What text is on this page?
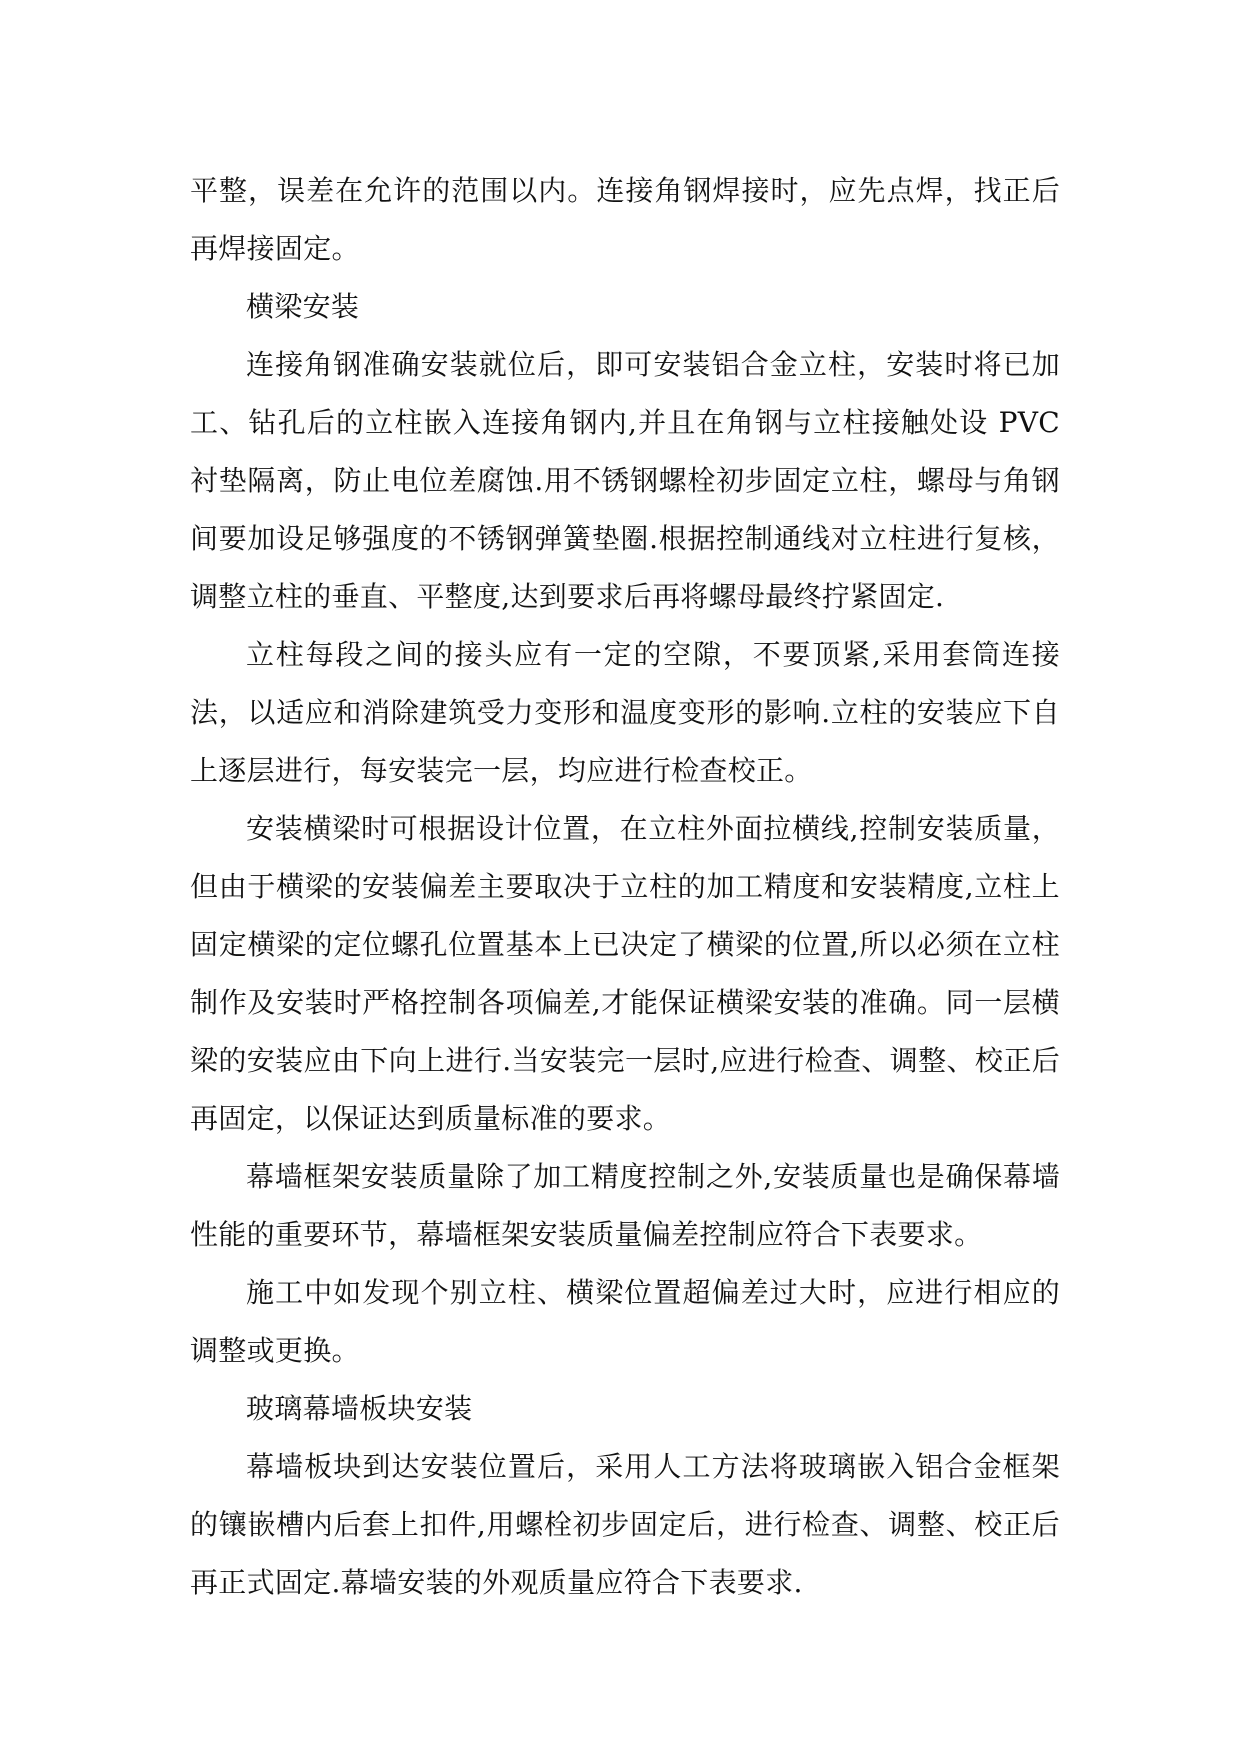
平整，误差在允许的范围以内。连接角钢焊接时，应先点焊，找正后再焊接固定。

横梁安装

连接角钢准确安装就位后，即可安装铝合金立柱，安装时将已加工、钻孔后的立柱嵌入连接角钢内,并且在角钢与立柱接触处设 PVC 衬垫隔离，防止电位差腐蚀.用不锈钢螺栓初步固定立柱，螺母与角钢间要加设足够强度的不锈钢弹簧垫圈.根据控制通线对立柱进行复核，调整立柱的垂直、平整度,达到要求后再将螺母最终拧紧固定.

立柱每段之间的接头应有一定的空隙，不要顶紧,采用套筒连接法，以适应和消除建筑受力变形和温度变形的影响.立柱的安装应下自上逐层进行，每安装完一层，均应进行检查校正。

安装横梁时可根据设计位置，在立柱外面拉横线,控制安装质量，但由于横梁的安装偏差主要取决于立柱的加工精度和安装精度,立柱上固定横梁的定位螺孔位置基本上已决定了横梁的位置,所以必须在立柱制作及安装时严格控制各项偏差,才能保证横梁安装的准确。同一层横梁的安装应由下向上进行.当安装完一层时,应进行检查、调整、校正后再固定，以保证达到质量标准的要求。

幕墙框架安装质量除了加工精度控制之外,安装质量也是确保幕墙性能的重要环节，幕墙框架安装质量偏差控制应符合下表要求。

施工中如发现个别立柱、横梁位置超偏差过大时，应进行相应的调整或更换。

玻璃幕墙板块安装

幕墙板块到达安装位置后，采用人工方法将玻璃嵌入铝合金框架的镶嵌槽内后套上扣件,用螺栓初步固定后，进行检查、调整、校正后再正式固定.幕墙安装的外观质量应符合下表要求.
